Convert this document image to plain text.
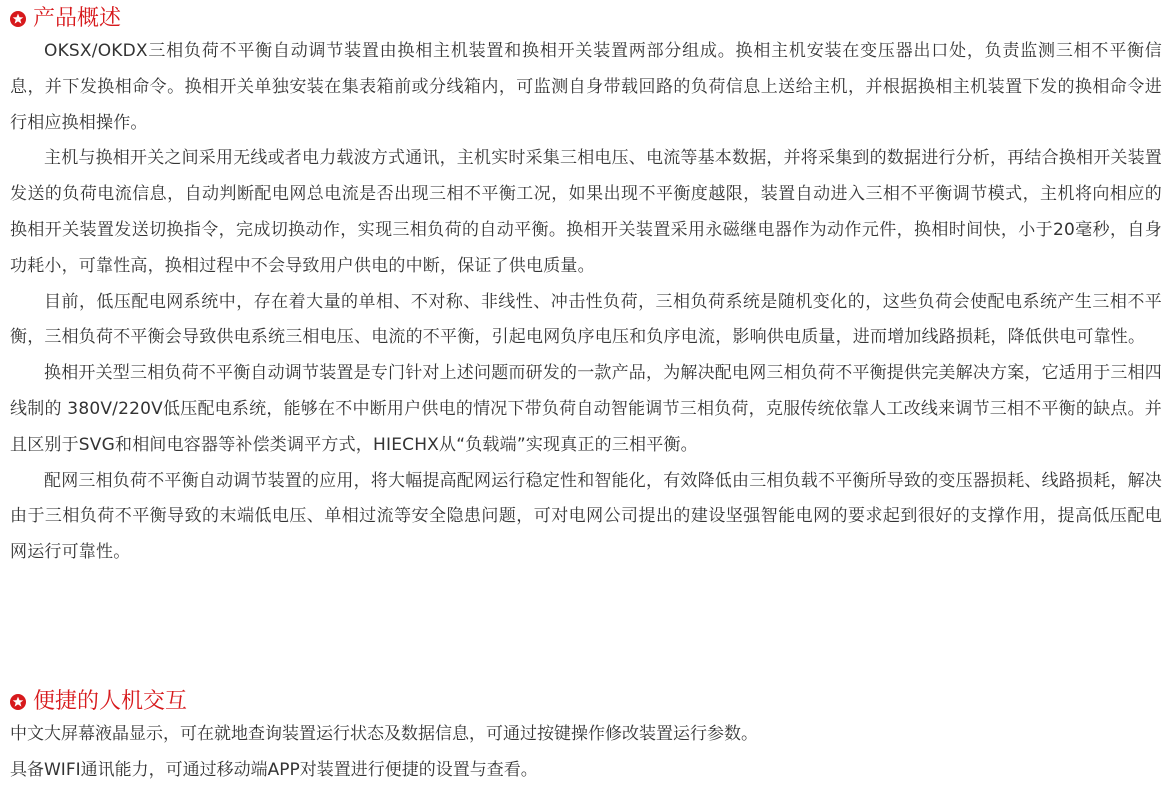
产品概述

OKSX/OKDX三相负荷不平衡自动调节装置由换相主机装置和换相开关装置两部分组成。换相主机安装在变压器出口处，负责监测三相不平衡信息，并下发换相命令。换相开关单独安装在集表箱前或分线箱内，可监测自身带载回路的负荷信息上送给主机，并根据换相主机装置下发的换相命令进行相应换相操作。

主机与换相开关之间采用无线或者电力载波方式通讯，主机实时采集三相电压、电流等基本数据，并将采集到的数据进行分析，再结合换相开关装置发送的负荷电流信息，自动判断配电网总电流是否出现三相不平衡工况，如果出现不平衡度越限，装置自动进入三相不平衡调节模式，主机将向相应的换相开关装置发送切换指令，完成切换动作，实现三相负荷的自动平衡。换相开关装置采用永磁继电器作为动作元件，换相时间快，小于20毫秒，自身功耗小，可靠性高，换相过程中不会导致用户供电的中断，保证了供电质量。

目前，低压配电网系统中，存在着大量的单相、不对称、非线性、冲击性负荷，三相负荷系统是随机变化的，这些负荷会使配电系统产生三相不平衡，三相负荷不平衡会导致供电系统三相电压、电流的不平衡，引起电网负序电压和负序电流，影响供电质量，进而增加线路损耗，降低供电可靠性。

换相开关型三相负荷不平衡自动调节装置是专门针对上述问题而研发的一款产品，为解决配电网三相负荷不平衡提供完美解决方案，它适用于三相四线制的 380V/220V低压配电系统，能够在不中断用户供电的情况下带负荷自动智能调节三相负荷，克服传统依靠人工改线来调节三相不平衡的缺点。并且区别于SVG和相间电容器等补偿类调平方式，HIECHX从“负载端”实现真正的三相平衡。

配网三相负荷不平衡自动调节装置的应用，将大幅提高配网运行稳定性和智能化，有效降低由三相负载不平衡所导致的变压器损耗、线路损耗，解决由于三相负荷不平衡导致的末端低电压、单相过流等安全隐患问题，可对电网公司提出的建设坚强智能电网的要求起到很好的支撑作用，提高低压配电网运行可靠性。

便捷的人机交互

中文大屏幕液晶显示，可在就地查询装置运行状态及数据信息，可通过按键操作修改装置运行参数。

具备WIFI通讯能力，可通过移动端APP对装置进行便捷的设置与查看。
